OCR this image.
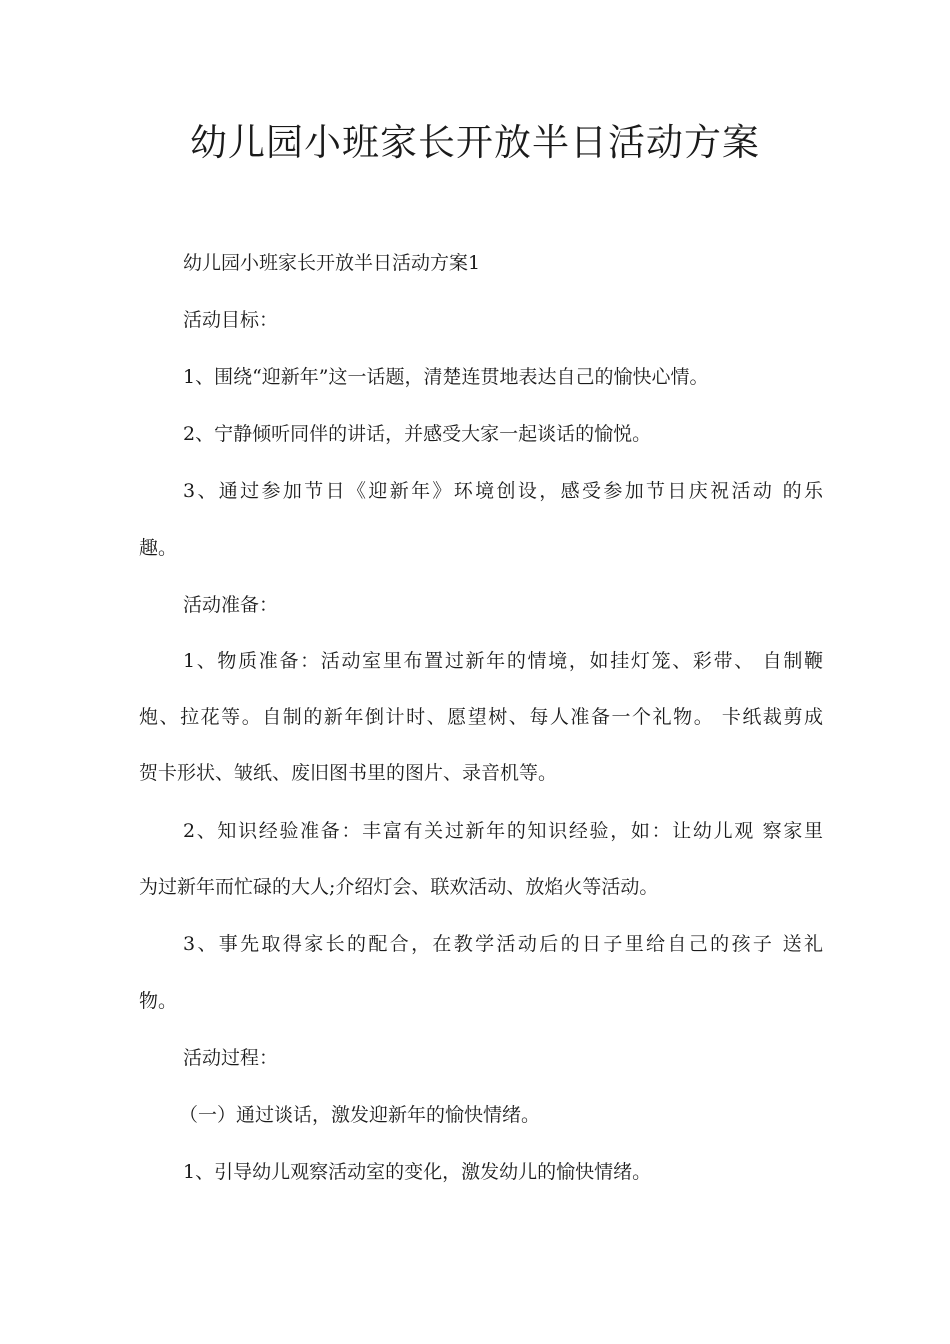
幼儿园小班家长开放半日活动方案

幼儿园小班家长开放半日活动方案1

活动目标：

1、围绕“迎新年”这一话题，清楚连贯地表达自己的愉快心情。

2、宁静倾听同伴的讲话，并感受大家一起谈话的愉悦。

3、通过参加节日《迎新年》环境创设，感受参加节日庆祝活动 的乐

趣。

活动准备：

1、物质准备：活动室里布置过新年的情境，如挂灯笼、彩带、 自制鞭

炮、拉花等。自制的新年倒计时、愿望树、每人准备一个礼物。 卡纸裁剪成

贺卡形状、皱纸、废旧图书里的图片、录音机等。

2、知识经验准备：丰富有关过新年的知识经验，如：让幼儿观 察家里

为过新年而忙碌的大人;介绍灯会、联欢活动、放焰火等活动。

3、事先取得家长的配合，在教学活动后的日子里给自己的孩子 送礼

物。

活动过程：

（一）通过谈话，激发迎新年的愉快情绪。

1、引导幼儿观察活动室的变化，激发幼儿的愉快情绪。
